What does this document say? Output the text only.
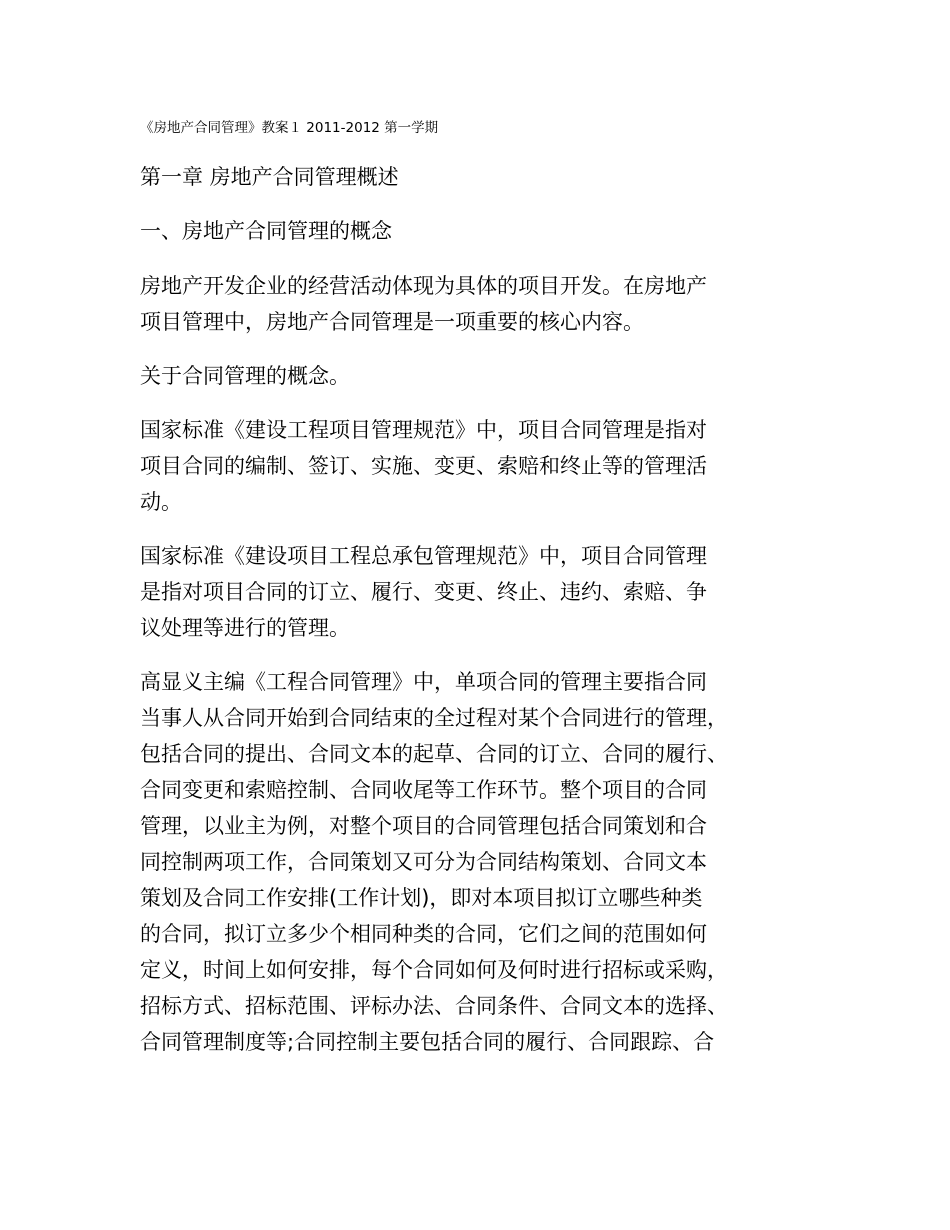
《房地产合同管理》教案１ 2011-2012 第一学期
第一章 房地产合同管理概述
一、房地产合同管理的概念
房地产开发企业的经营活动体现为具体的项目开发。在房地产
项目管理中，房地产合同管理是一项重要的核心内容。
关于合同管理的概念。
国家标准《建设工程项目管理规范》中，项目合同管理是指对
项目合同的编制、签订、实施、变更、索赔和终止等的管理活
动。
国家标准《建设项目工程总承包管理规范》中，项目合同管理
是指对项目合同的订立、履行、变更、终止、违约、索赔、争
议处理等进行的管理。
高显义主编《工程合同管理》中，单项合同的管理主要指合同
当事人从合同开始到合同结束的全过程对某个合同进行的管理，
包括合同的提出、合同文本的起草、合同的订立、合同的履行、
合同变更和索赔控制、合同收尾等工作环节。整个项目的合同
管理，以业主为例，对整个项目的合同管理包括合同策划和合
同控制两项工作，合同策划又可分为合同结构策划、合同文本
策划及合同工作安排(工作计划)，即对本项目拟订立哪些种类
的合同，拟订立多少个相同种类的合同，它们之间的范围如何
定义，时间上如何安排，每个合同如何及何时进行招标或采购，
招标方式、招标范围、评标办法、合同条件、合同文本的选择、
合同管理制度等;合同控制主要包括合同的履行、合同跟踪、合
